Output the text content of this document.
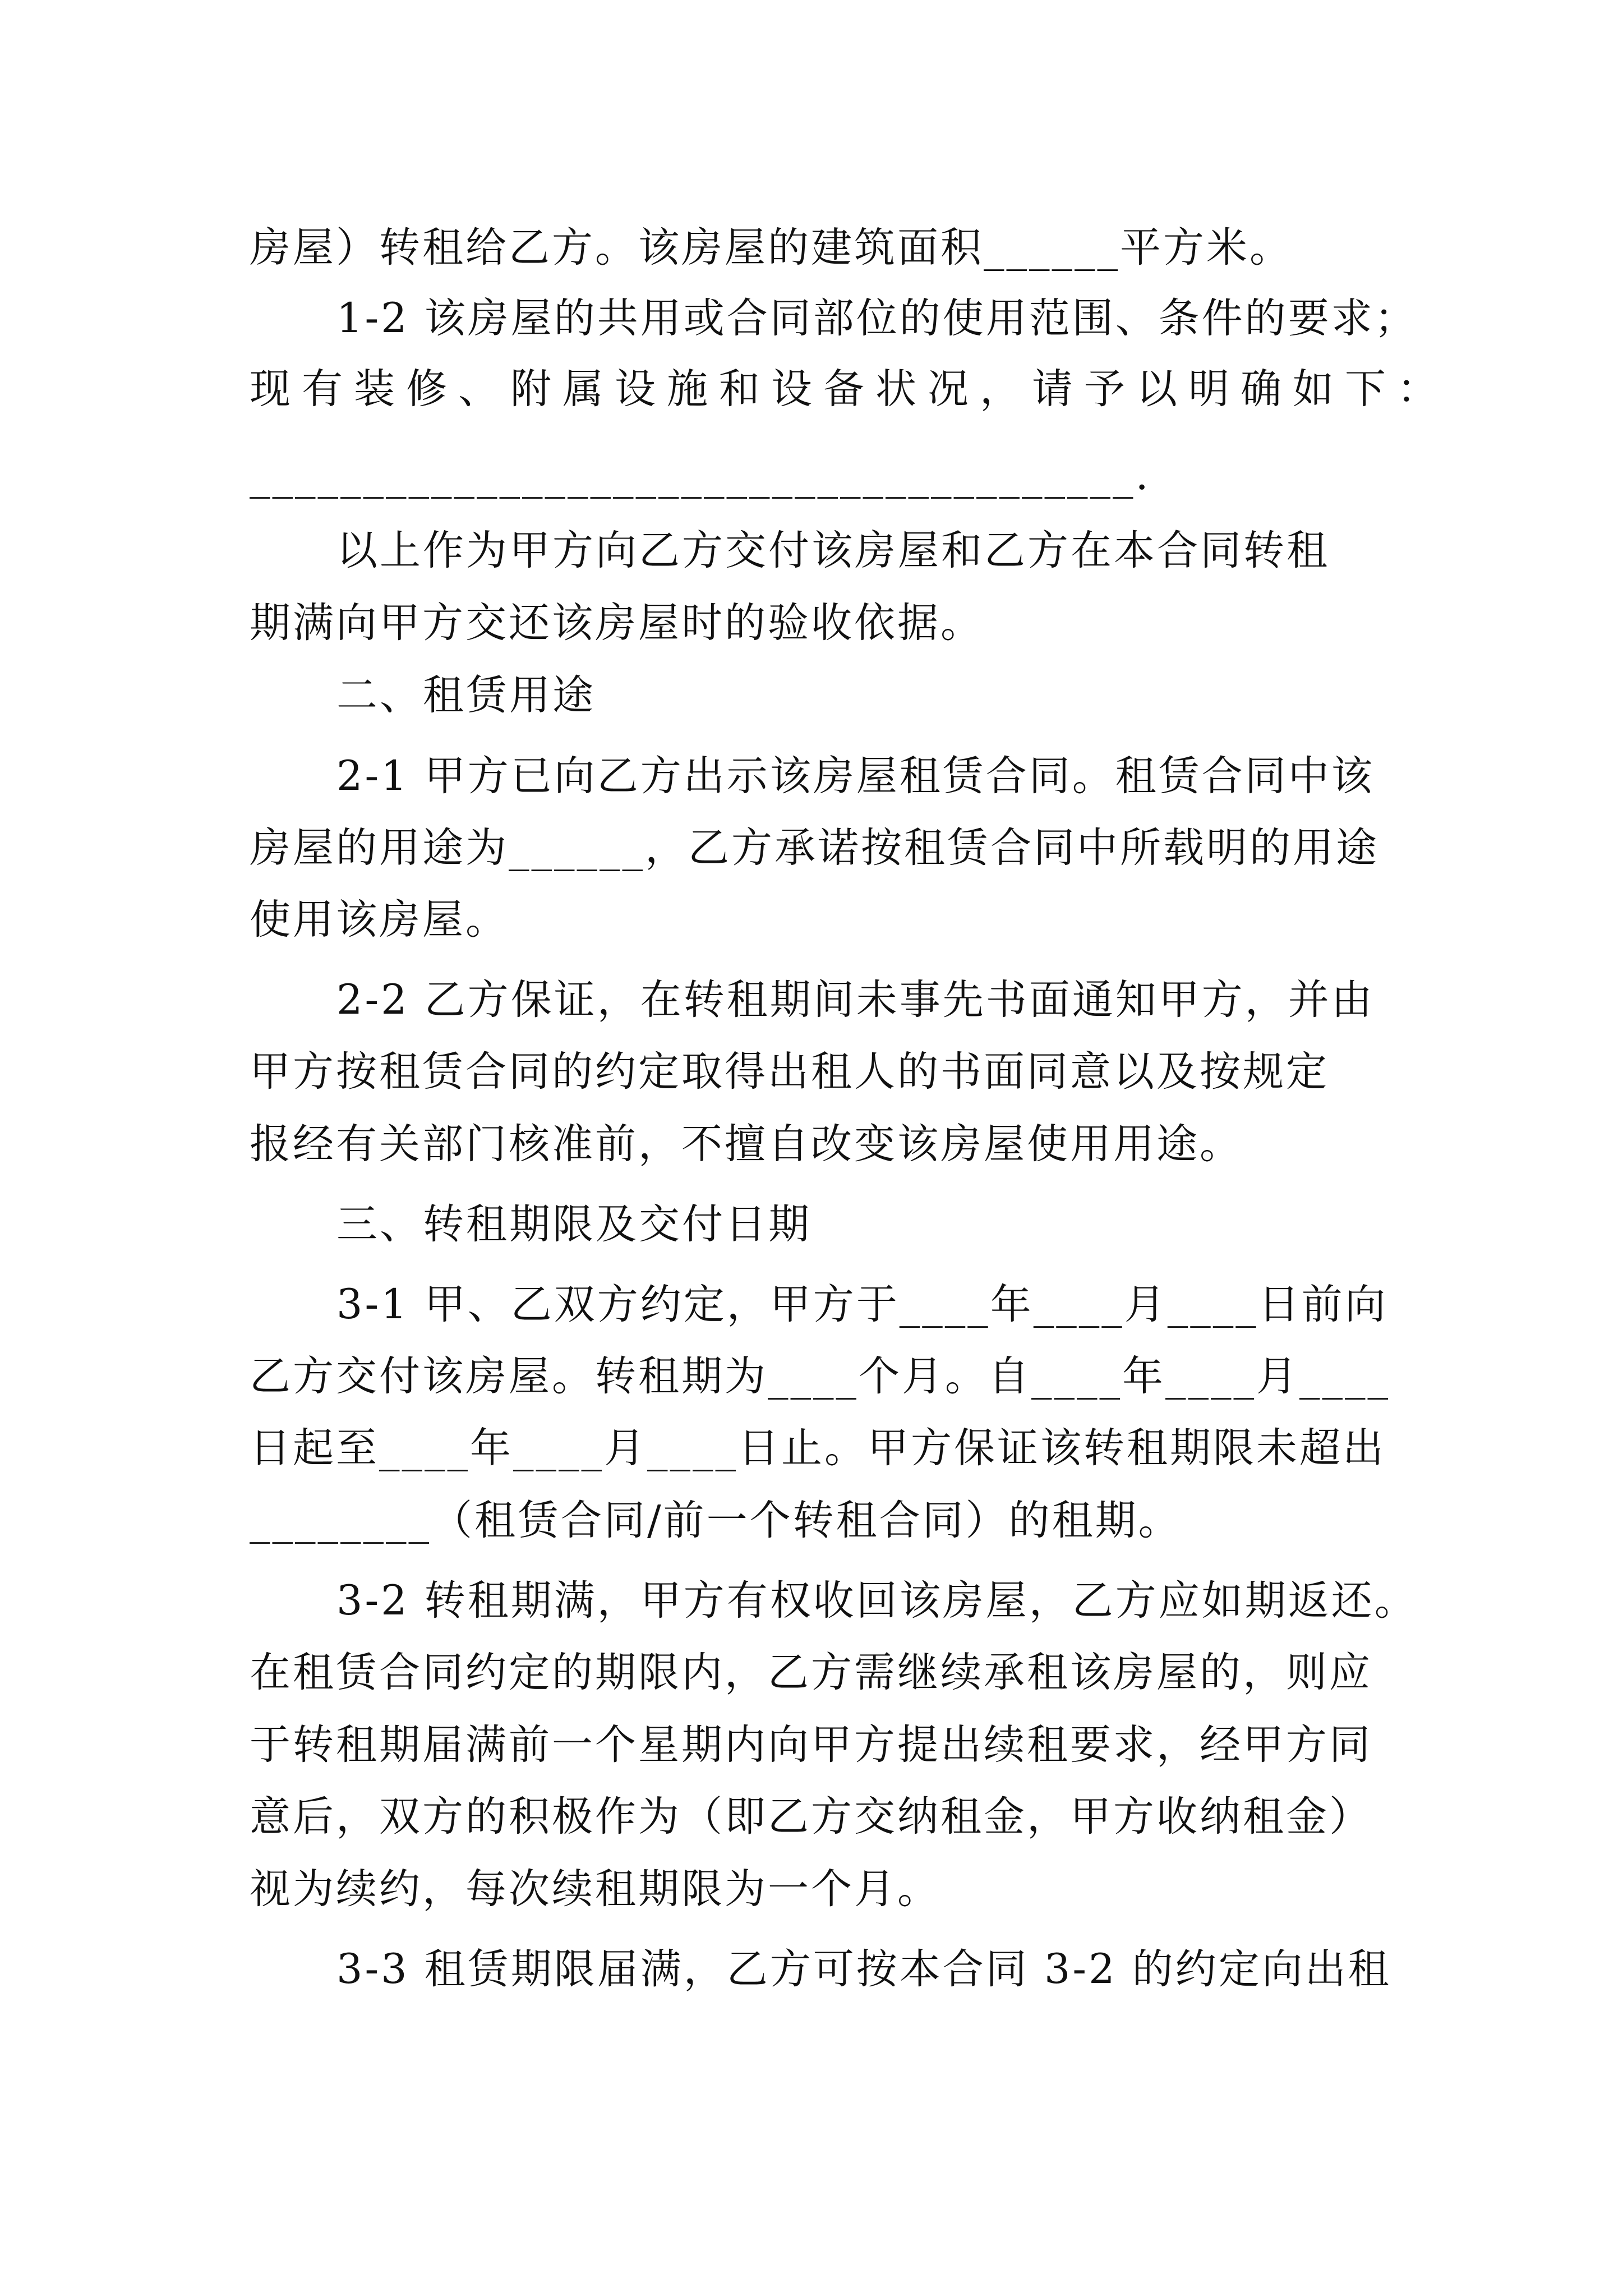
房屋）转租给乙方。该房屋的建筑面积______平方米。
1-2 该房屋的共用或合同部位的使用范围、条件的要求；
现有装修、附属设施和设备状况，请予以明确如下：
_______________________________________.
以上作为甲方向乙方交付该房屋和乙方在本合同转租
期满向甲方交还该房屋时的验收依据。
二、租赁用途
2-1 甲方已向乙方出示该房屋租赁合同。租赁合同中该
房屋的用途为______，乙方承诺按租赁合同中所载明的用途
使用该房屋。
2-2 乙方保证，在转租期间未事先书面通知甲方，并由
甲方按租赁合同的约定取得出租人的书面同意以及按规定
报经有关部门核准前，不擅自改变该房屋使用用途。
三、转租期限及交付日期
3-1 甲、乙双方约定，甲方于____年____月____日前向
乙方交付该房屋。转租期为____个月。自____年____月____
日起至____年____月____日止。甲方保证该转租期限未超出
________（租赁合同/前一个转租合同）的租期。
3-2 转租期满，甲方有权收回该房屋，乙方应如期返还。
在租赁合同约定的期限内，乙方需继续承租该房屋的，则应
于转租期届满前一个星期内向甲方提出续租要求，经甲方同
意后，双方的积极作为（即乙方交纳租金，甲方收纳租金）
视为续约，每次续租期限为一个月。
3-3 租赁期限届满，乙方可按本合同 3-2 的约定向出租
